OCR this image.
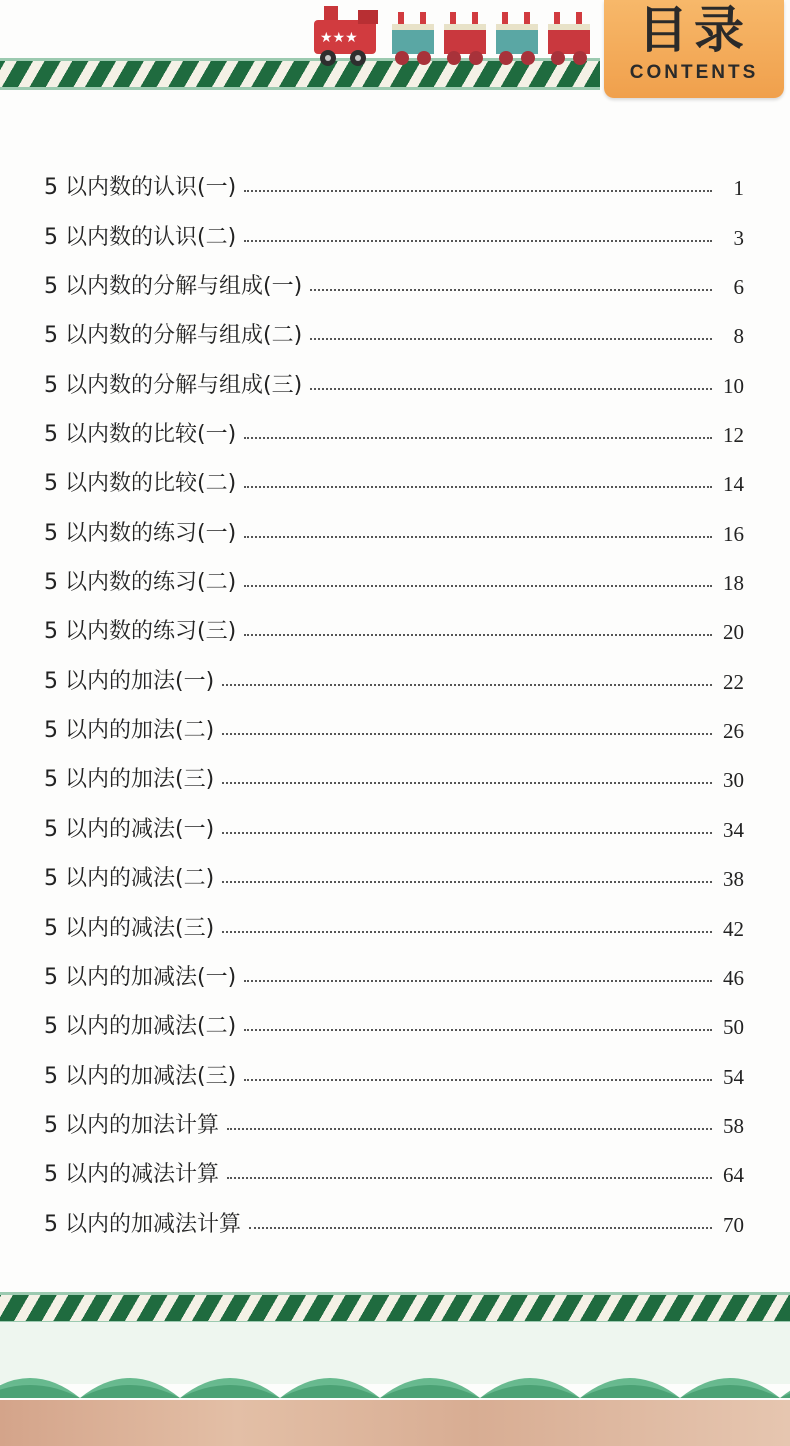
★★★	目录
CONTENTS
5 以内数的认识(一)	1
5 以内数的认识(二)	3
5 以内数的分解与组成(一)	6
5 以内数的分解与组成(二)	8
5 以内数的分解与组成(三)	10
5 以内数的比较(一)	12
5 以内数的比较(二)	14
5 以内数的练习(一)	16
5 以内数的练习(二)	18
5 以内数的练习(三)	20
5 以内的加法(一)	22
5 以内的加法(二)	26
5 以内的加法(三)	30
5 以内的减法(一)	34
5 以内的减法(二)	38
5 以内的减法(三)	42
5 以内的加减法(一)	46
5 以内的加减法(二)	50
5 以内的加减法(三)	54
5 以内的加法计算	58
5 以内的减法计算	64
5 以内的加减法计算	70
